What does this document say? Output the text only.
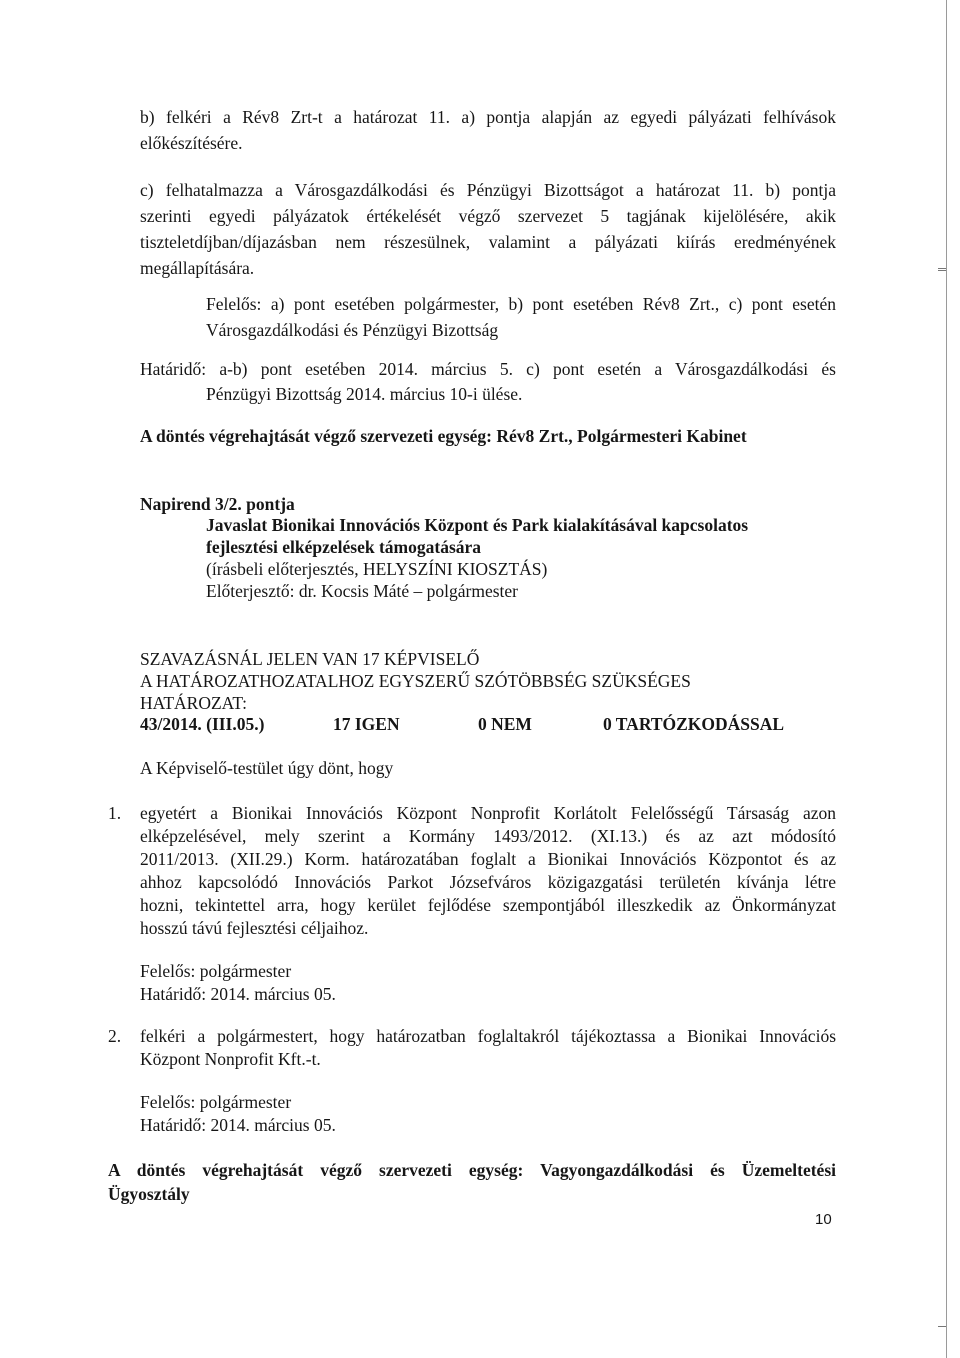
b) felkéri a Rév8 Zrt-t a határozat 11. a) pontja alapján az egyedi pályázati felhívások

előkészítésére.

c) felhatalmazza a Városgazdálkodási és Pénzügyi Bizottságot a határozat 11. b) pontja

szerinti egyedi pályázatok értékelését végző szervezet 5 tagjának kijelölésére, akik

tiszteletdíjban/díjazásban nem részesülnek, valamint a pályázati kiírás eredményének

megállapítására.

Felelős: a) pont esetében polgármester, b) pont esetében Rév8 Zrt., c) pont esetén

Városgazdálkodási és Pénzügyi Bizottság

Határidő: a-b) pont esetében 2014. március 5. c) pont esetén a Városgazdálkodási és

Pénzügyi Bizottság 2014. március 10-i ülése.

A döntés végrehajtását végző szervezeti egység: Rév8 Zrt., Polgármesteri Kabinet

Napirend 3/2. pontja

Javaslat Bionikai Innovációs Központ és Park kialakításával kapcsolatos

fejlesztési elképzelések támogatására

(írásbeli előterjesztés, HELYSZÍNI KIOSZTÁS)

Előterjesztő: dr. Kocsis Máté – polgármester

SZAVAZÁSNÁL JELEN VAN 17 KÉPVISELŐ

A HATÁROZATHOZATALHOZ EGYSZERŰ SZÓTÖBBSÉG SZÜKSÉGES

HATÁROZAT:

43/2014. (III.05.)	17 IGEN	0 NEM	0 TARTÓZKODÁSSAL

A Képviselő-testület úgy dönt, hogy

1. egyetért a Bionikai Innovációs Központ Nonprofit Korlátolt Felelősségű Társaság azon

elképzelésével, mely szerint a Kormány 1493/2012. (XI.13.) és az azt módosító

2011/2013. (XII.29.) Korm. határozatában foglalt a Bionikai Innovációs Központot és az

ahhoz kapcsolódó Innovációs Parkot Józsefváros közigazgatási területén kívánja létre

hozni, tekintettel arra, hogy kerület fejlődése szempontjából illeszkedik az Önkormányzat

hosszú távú fejlesztési céljaihoz.

Felelős: polgármester

Határidő: 2014. március 05.

2. felkéri a polgármestert, hogy határozatban foglaltakról tájékoztassa a Bionikai Innovációs

Központ Nonprofit Kft.-t.

Felelős: polgármester

Határidő: 2014. március 05.

A döntés végrehajtását végző szervezeti egység: Vagyongazdálkodási és Üzemeltetési

Ügyosztály

10
